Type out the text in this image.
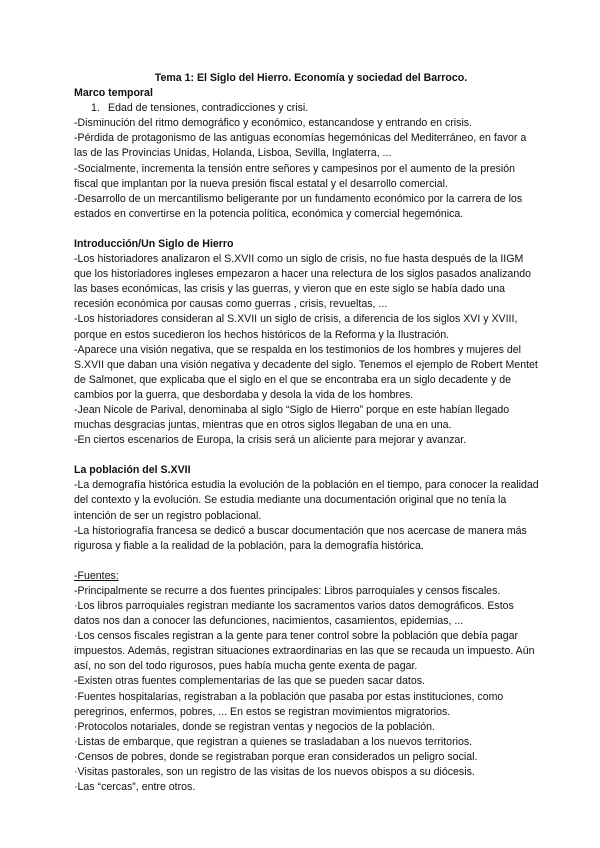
Tema 1: El Siglo del Hierro. Economía y sociedad del Barroco.

Marco temporal

1. Edad de tensiones, contradicciones y crisi.

-Disminución del ritmo demográfico y económico, estancandose y entrando en crisis.

-Pérdida de protagonismo de las antiguas economías hegemónicas del Mediterráneo, en favor a las de las Provincias Unidas, Holanda, Lisboa, Sevilla, Inglaterra, ...

-Socialmente, incrementa la tensión entre señores y campesinos por el aumento de la presión fiscal que implantan por la nueva presión fiscal estatal y el desarrollo comercial.

-Desarrollo de un mercantilismo beligerante por un fundamento económico por la carrera de los estados en convertirse en la potencia política, económica y comercial hegemónica.

Introducción/Un Siglo de Hierro

-Los historiadores analizaron el S.XVII como un siglo de crisis, no fue hasta después de la IIGM que los historiadores ingleses empezaron a hacer una relectura de los siglos pasados analizando las bases económicas, las crisis y las guerras, y vieron que en este siglo se había dado una recesión económica por causas como guerras , crisis, revueltas, ...

-Los historiadores consideran al S.XVII un siglo de crisis, a diferencia de los siglos XVI y XVIII, porque en estos sucedieron los hechos históricos de la Reforma y la Ilustración.

-Aparece una visión negativa, que se respalda en los testimonios de los hombres y mujeres del S.XVII que daban una visión negativa y decadente del siglo. Tenemos el ejemplo de Robert Mentet de Salmonet, que explicaba que el siglo en el que se encontraba era un siglo decadente y de cambios por la guerra, que desbordaba y desola la vida de los hombres.

-Jean Nicole de Parival, denominaba al siglo “Siglo de Hierro” porque en este habían llegado muchas desgracias juntas, mientras que en otros siglos llegaban de una en una.

-En ciertos escenarios de Europa, la crisis será un aliciente para mejorar y avanzar.

La población del S.XVII

-La demografía histórica estudia la evolución de la población en el tiempo, para conocer la realidad del contexto y la evolución. Se estudia mediante una documentación original que no tenía la intención de ser un registro poblacional.

-La historiografía francesa se dedicó a buscar documentación que nos acercase de manera más rigurosa y fiable a la realidad de la población, para la demografía histórica.

-Fuentes:

-Principalmente se recurre a dos fuentes principales: Libros parroquiales y censos fiscales.

·Los libros parroquiales registran mediante los sacramentos varios datos demográficos. Estos datos nos dan a conocer las defunciones, nacimientos, casamientos, epidemias, ...

·Los censos fiscales registran a la gente para tener control sobre la población que debía pagar impuestos. Además, registran situaciones extraordinarias en las que se recauda un impuesto. Aún así, no son del todo rigurosos, pues había mucha gente exenta de pagar.

-Existen otras fuentes complementarias de las que se pueden sacar datos.

·Fuentes hospitalarias, registraban a la población que pasaba por estas instituciones, como peregrinos, enfermos, pobres, ... En estos se registran movimientos migratorios.

·Protocolos notariales, donde se registran ventas y negocios de la población.

·Listas de embarque, que registran a quienes se trasladaban a los nuevos territorios.

·Censos de pobres, donde se registraban porque eran considerados un peligro social.

·Visitas pastorales, son un registro de las visitas de los nuevos obispos a su diócesis.

·Las “cercas”, entre otros.
